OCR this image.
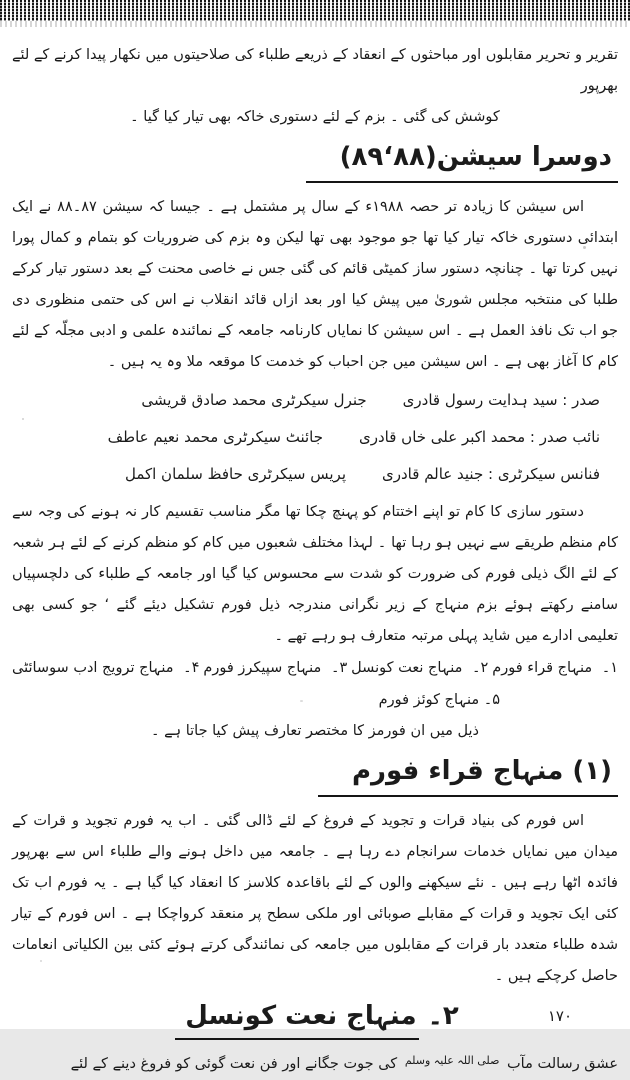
تقریر و تحریر مقابلوں اور مباحثوں کے انعقاد کے ذریعے طلباء کی صلاحیتوں میں نکھار پیدا کرنے کے لئے بھرپور

کوشش کی گئی ۔ بزم کے لئے دستوری خاکہ بھی تیار کیا گیا ۔

دوسرا سیشن(۸۸‘۸۹)

اس سیشن کا زیادہ تر حصہ ۱۹۸۸ء کے سال پر مشتمل ہے ۔ جیسا کہ سیشن ۸۷۔۸۸ نے ایک ابتدائی دستوری خاکہ تیار کیا تھا جو موجود بھی تھا لیکن وہ بزم کی ضروریات کو بتمام و کمال پورا نہیں کرتا تھا ۔ چنانچہ دستور ساز کمیٹی قائم کی گئی جس نے خاصی محنت کے بعد دستور تیار کرکے طلبا کی منتخبہ مجلس شوریٰ میں پیش کیا اور بعد ازاں قائد انقلاب نے اس کی حتمی منظوری دی جو اب تک نافذ العمل ہے ۔ اس سیشن کا نمایاں کارنامہ جامعہ کے نمائندہ علمی و ادبی مجلّہ کے لئے کام کا آغاز بھی ہے ۔ اس سیشن میں جن احباب کو خدمت کا موقعہ ملا وہ یہ ہیں ۔

صدر : سید ہدایت رسول قادری
جنرل سیکرٹری محمد صادق قریشی
نائب صدر : محمد اکبر علی خاں قادری
جائنٹ سیکرٹری محمد نعیم عاطف
فنانس سیکرٹری : جنید عالم قادری
پریس سیکرٹری حافظ سلمان اکمل

دستور سازی کا کام تو اپنے اختتام کو پہنچ چکا تھا مگر مناسب تقسیم کار نہ ہونے کی وجہ سے کام منظم طریقے سے نہیں ہو رہا تھا ۔ لہذا مختلف شعبوں میں کام کو منظم کرنے کے لئے ہر شعبہ کے لئے الگ ذیلی فورم کی ضرورت کو شدت سے محسوس کیا گیا اور جامعہ کے طلباء کی دلچسپیاں سامنے رکھتے ہوئے بزم منہاج کے زیر نگرانی مندرجہ ذیل فورم تشکیل دیئے گئے ‘ جو کسی بھی تعلیمی ادارے میں شاید پہلی مرتبہ متعارف ہو رہے تھے ۔

۱۔ منہاج قراء فورم
۲۔ منہاج نعت کونسل
۳۔ منہاج سپیکرز فورم
۴۔ منہاج ترویج ادب سوسائٹی
۵۔ منہاج کوئز فورم

ذیل میں ان فورمز کا مختصر تعارف پیش کیا جاتا ہے ۔

(۱) منہاج قراء فورم

اس فورم کی بنیاد قرات و تجوید کے فروغ کے لئے ڈالی گئی ۔ اب یہ فورم تجوید و قرات کے میدان میں نمایاں خدمات سرانجام دے رہا ہے ۔ جامعہ میں داخل ہونے والے طلباء اس سے بھرپور فائدہ اٹھا رہے ہیں ۔ نئے سیکھنے والوں کے لئے باقاعدہ کلاسز کا انعقاد کیا گیا ہے ۔ یہ فورم اب تک کئی ایک تجوید و قرات کے مقابلے صوبائی اور ملکی سطح پر منعقد کرواچکا ہے ۔ اس فورم کے تیار شدہ طلباء متعدد بار قرات کے مقابلوں میں جامعہ کی نمائندگی کرتے ہوئے کئی بین الکلیاتی انعامات حاصل کرچکے ہیں ۔

۲۔ منہاج نعت کونسل

عشق رسالت مآب $^{صلی اللہ علیہ وسلم}$ کی جوت جگانے اور فن نعت گوئی کو فروغ دینے کے لئے

۱۷۰
